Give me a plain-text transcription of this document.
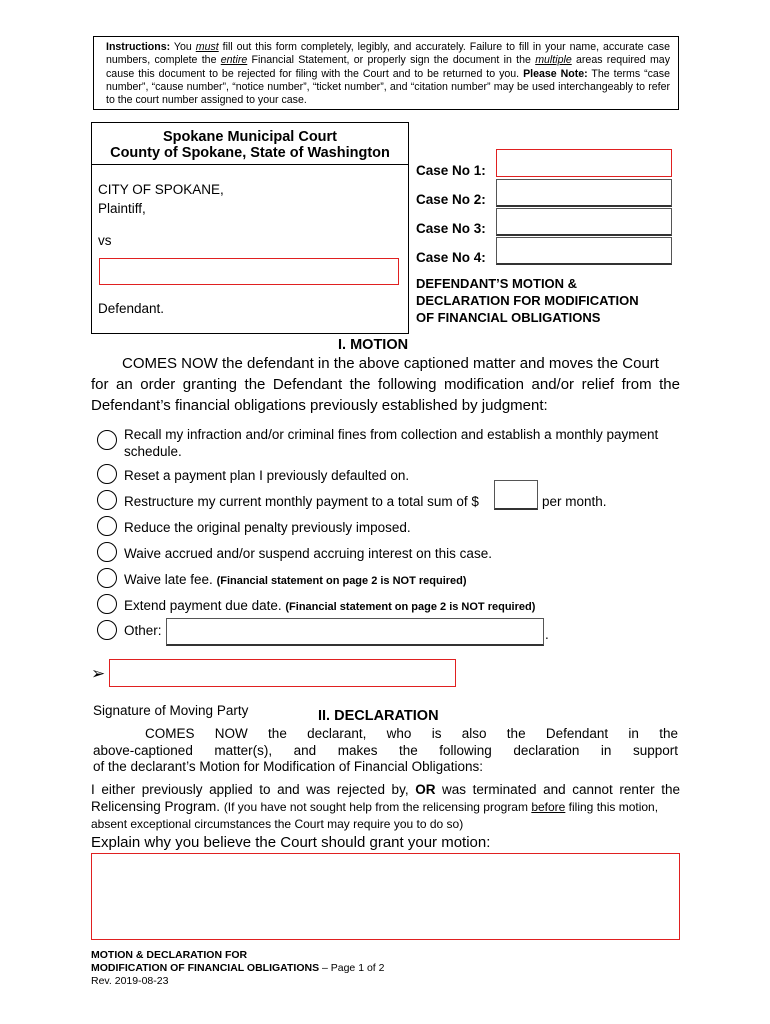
Instructions: You must fill out this form completely, legibly, and accurately. Failure to fill in your name, accurate case numbers, complete the entire Financial Statement, or properly sign the document in the multiple areas required may cause this document to be rejected for filing with the Court and to be returned to you. Please Note: The terms “case number”, “cause number”, “notice number”, “ticket number”, and “citation number” may be used interchangeably to refer to the court number assigned to your case.
Spokane Municipal Court
County of Spokane, State of Washington
CITY OF SPOKANE,
Plaintiff,
vs
Defendant.
Case No 1:
Case No 2:
Case No 3:
Case No 4:
DEFENDANT’S MOTION &
DECLARATION FOR MODIFICATION
OF FINANCIAL OBLIGATIONS
I. MOTION
COMES NOW the defendant in the above captioned matter and moves the Court
for an order granting the Defendant the following modification and/or relief from the
Defendant’s financial obligations previously established by judgment:
Recall my infraction and/or criminal fines from collection and establish a monthly payment
schedule.
Reset a payment plan I previously defaulted on.
Restructure my current monthly payment to a total sum of $	per month.
Reduce the original penalty previously imposed.
Waive accrued and/or suspend accruing interest on this case.
Waive late fee. (Financial statement on page 2 is NOT required)
Extend payment due date. (Financial statement on page 2 is NOT required)
Other:	.
➢
Signature of Moving Party	II. DECLARATION
COMES NOW the declarant, who is also the Defendant in the
above-captioned matter(s), and makes the following declaration in support
of the declarant’s Motion for Modification of Financial Obligations:
I either previously applied to and was rejected by, OR was terminated and cannot renter the
Relicensing Program. (If you have not sought help from the relicensing program before filing this motion,
absent exceptional circumstances the Court may require you to do so)
Explain why you believe the Court should grant your motion:
MOTION & DECLARATION FOR
MODIFICATION OF FINANCIAL OBLIGATIONS – Page 1 of 2
Rev. 2019-08-23
